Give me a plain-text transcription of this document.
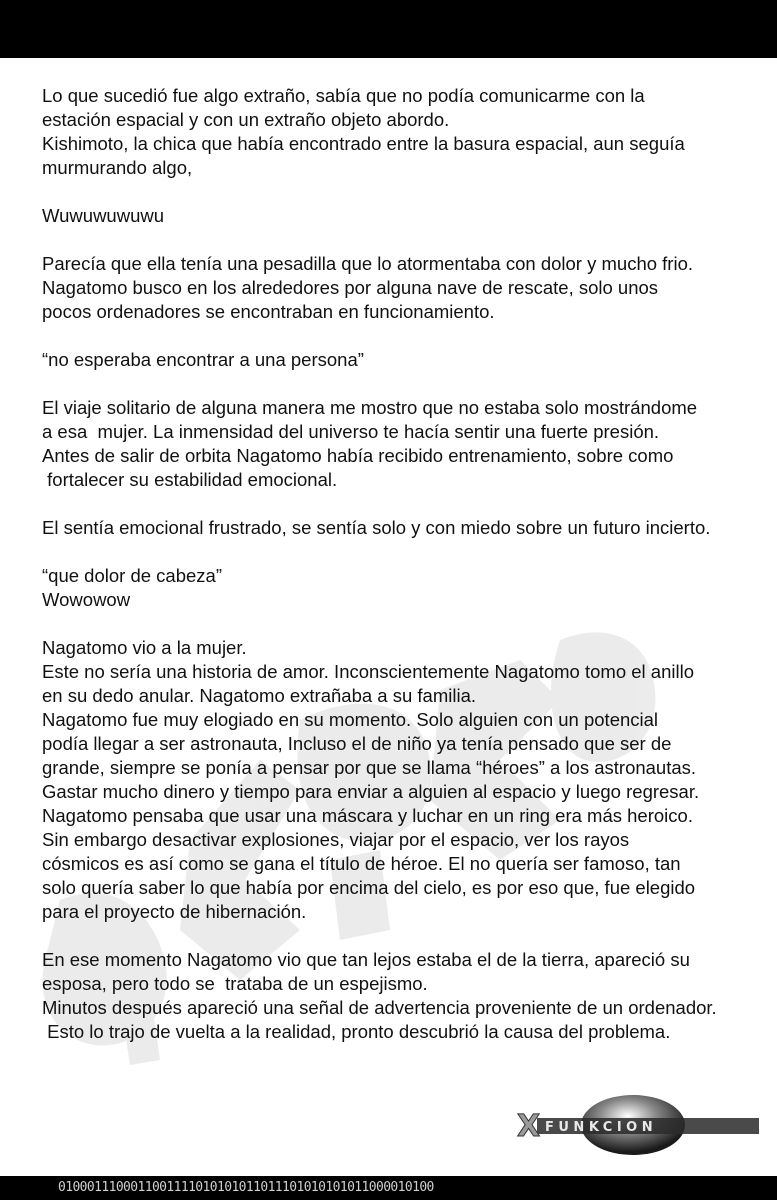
Lo que sucedió fue algo extraño, sabía que no podía comunicarme con la
estación espacial y con un extraño objeto abordo.
Kishimoto, la chica que había encontrado entre la basura espacial, aun seguía
murmurando algo,
Wuwuwuwuwu
Parecía que ella tenía una pesadilla que lo atormentaba con dolor y mucho frio.
Nagatomo busco en los alrededores por alguna nave de rescate, solo unos
pocos ordenadores se encontraban en funcionamiento.
“no esperaba encontrar a una persona”
El viaje solitario de alguna manera me mostro que no estaba solo mostrándome
a esa  mujer. La inmensidad del universo te hacía sentir una fuerte presión.
Antes de salir de orbita Nagatomo había recibido entrenamiento, sobre como
fortalecer su estabilidad emocional.
El sentía emocional frustrado, se sentía solo y con miedo sobre un futuro incierto.
“que dolor de cabeza”
Wowowow
Nagatomo vio a la mujer.
Este no sería una historia de amor. Inconscientemente Nagatomo tomo el anillo
en su dedo anular. Nagatomo extrañaba a su familia.
Nagatomo fue muy elogiado en su momento. Solo alguien con un potencial
podía llegar a ser astronauta, Incluso el de niño ya tenía pensado que ser de
grande, siempre se ponía a pensar por que se llama “héroes” a los astronautas.
Gastar mucho dinero y tiempo para enviar a alguien al espacio y luego regresar.
Nagatomo pensaba que usar una máscara y luchar en un ring era más heroico.
Sin embargo desactivar explosiones, viajar por el espacio, ver los rayos
cósmicos es así como se gana el título de héroe. El no quería ser famoso, tan
solo quería saber lo que había por encima del cielo, es por eso que, fue elegido
para el proyecto de hibernación.
En ese momento Nagatomo vio que tan lejos estaba el de la tierra, apareció su
esposa, pero todo se  trataba de un espejismo.
Minutos después apareció una señal de advertencia proveniente de un ordenador.
Esto lo trajo de vuelta a la realidad, pronto descubrió la causa del problema.
X FUNKCION
0100011100011001111010101011011101010101011000010100
